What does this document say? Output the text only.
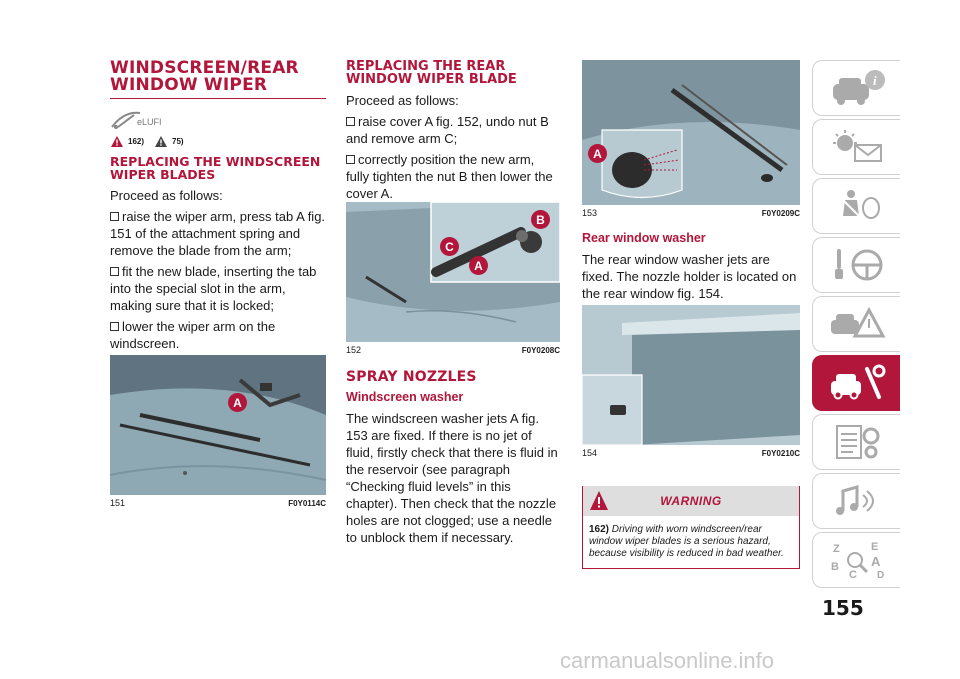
WINDSCREEN/REAR WINDOW WIPER
eLUFI
162)	75)
REPLACING THE WINDSCREEN WIPER BLADES

Proceed as follows:

raise the wiper arm, press tab A fig. 151 of the attachment spring and remove the blade from the arm;
fit the new blade, inserting the tab into the special slot in the arm, making sure that it is locked;
lower the wiper arm on the windscreen.
A
151	F0Y0114C
REPLACING THE REAR WINDOW WIPER BLADE

Proceed as follows:

raise cover A fig. 152, undo nut B and remove arm C;
correctly position the new arm, fully tighten the nut B then lower the cover A.
B
C
A
152	F0Y0208C
SPRAY NOZZLES
Windscreen washer

The windscreen washer jets A fig. 153 are fixed. If there is no jet of fluid, firstly check that there is fluid in the reservoir (see paragraph “Checking fluid levels” in this chapter). Then check that the nozzle holes are not clogged; use a needle to unblock them if necessary.

A
153	F0Y0209C
Rear window washer

The rear window washer jets are fixed. The nozzle holder is located on the rear window fig. 154.

154	F0Y0210C
WARNING
162) Driving with worn windscreen/rear window wiper blades is a serious hazard, because visibility is reduced in bad weather.
i
Z	E
B A
C D
155
carmanualsonline.info
